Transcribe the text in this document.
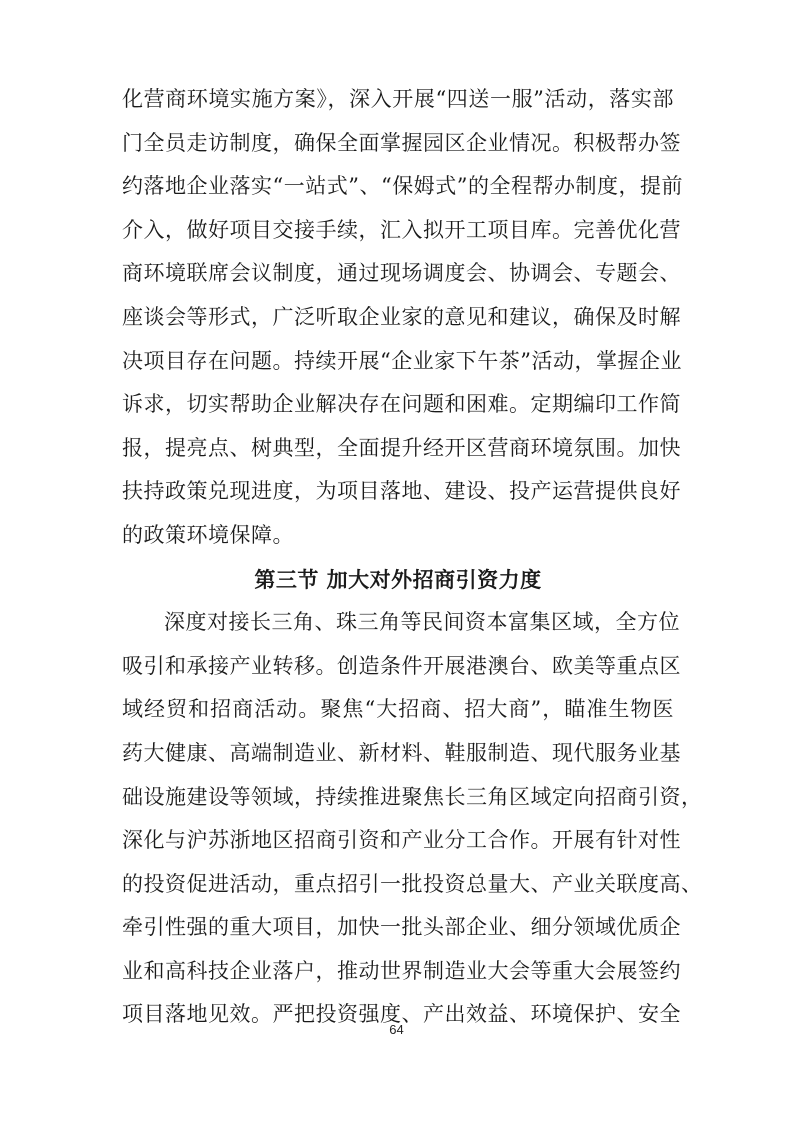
化营商环境实施方案》，深入开展“四送一服”活动，落实部
门全员走访制度，确保全面掌握园区企业情况。积极帮办签
约落地企业落实“一站式”、“保姆式”的全程帮办制度，提前
介入，做好项目交接手续，汇入拟开工项目库。完善优化营
商环境联席会议制度，通过现场调度会、协调会、专题会、
座谈会等形式，广泛听取企业家的意见和建议，确保及时解
决项目存在问题。持续开展“企业家下午茶”活动，掌握企业
诉求，切实帮助企业解决存在问题和困难。定期编印工作简
报，提亮点、树典型，全面提升经开区营商环境氛围。加快
扶持政策兑现进度，为项目落地、建设、投产运营提供良好
的政策环境保障。
第三节 加大对外招商引资力度
深度对接长三角、珠三角等民间资本富集区域，全方位
吸引和承接产业转移。创造条件开展港澳台、欧美等重点区
域经贸和招商活动。聚焦“大招商、招大商”，瞄准生物医
药大健康、高端制造业、新材料、鞋服制造、现代服务业基
础设施建设等领域，持续推进聚焦长三角区域定向招商引资，
深化与沪苏浙地区招商引资和产业分工合作。开展有针对性
的投资促进活动，重点招引一批投资总量大、产业关联度高、
牵引性强的重大项目，加快一批头部企业、细分领域优质企
业和高科技企业落户，推动世界制造业大会等重大会展签约
项目落地见效。严把投资强度、产出效益、环境保护、安全
64
